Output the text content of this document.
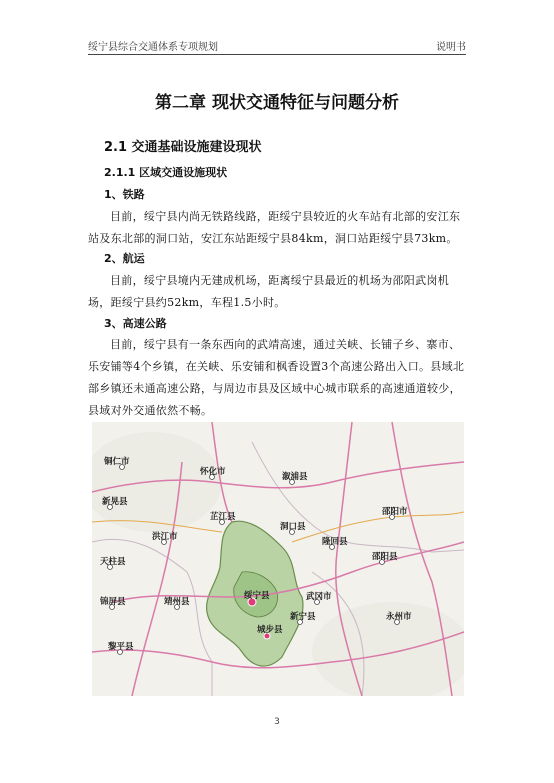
绥宁县综合交通体系专项规划	说明书
第二章 现状交通特征与问题分析
2.1 交通基础设施建设现状
2.1.1 区域交通设施现状
1、铁路
目前，绥宁县内尚无铁路线路，距绥宁县较近的火车站有北部的安江东站及东北部的洞口站，安江东站距绥宁县84km，洞口站距绥宁县73km。
2、航运
目前，绥宁县境内无建成机场，距离绥宁县最近的机场为邵阳武岗机场，距绥宁县约52km，车程1.5小时。
3、高速公路
目前，绥宁县有一条东西向的武靖高速，通过关峡、长铺子乡、寨市、乐安铺等4个乡镇，在关峡、乐安铺和枫香设置3个高速公路出入口。县域北部乡镇还未通高速公路，与周边市县及区域中心城市联系的高速通道较少，县域对外交通依然不畅。
铜仁市
怀化市
新晃县
溆浦县
芷江县
洪江市	隆回县
邵阳市
洞口县
天柱县	邵阳县
锦屏县	靖州县
绥宁县	武冈市
城步县
新宁县
黎平县
永州市
3
